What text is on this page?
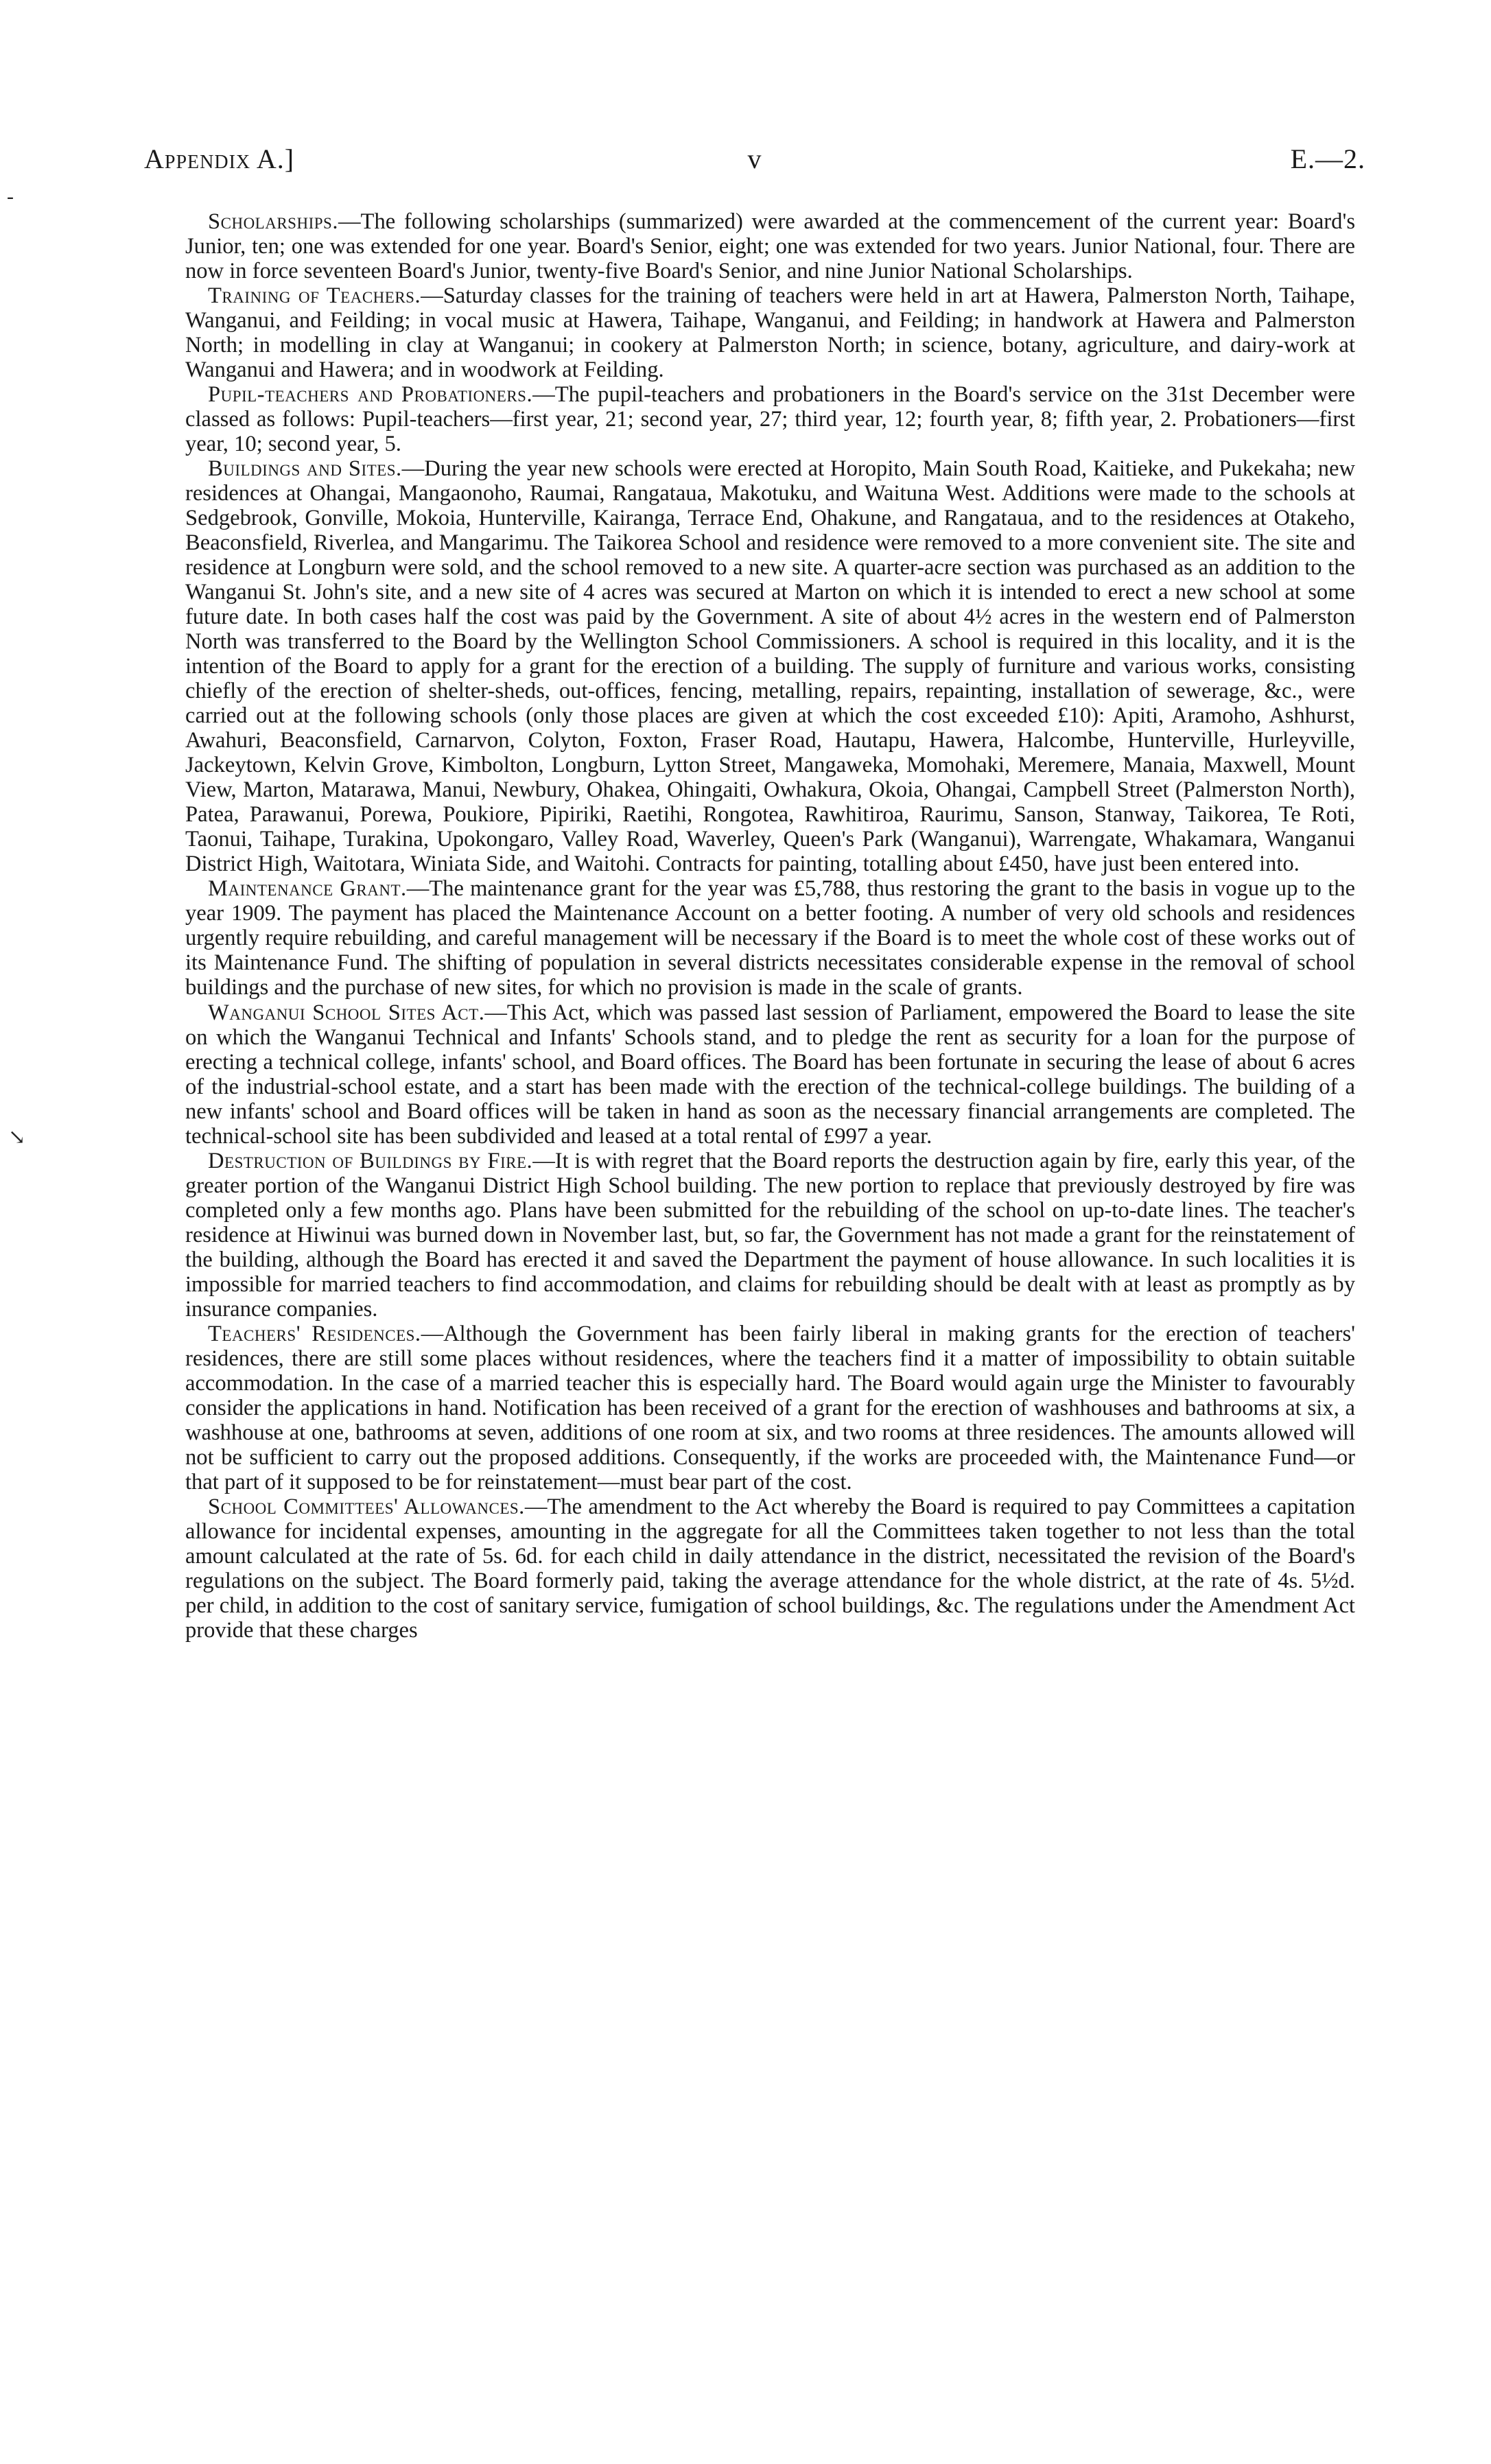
Appendix A.]	v	E.—2.

Scholarships.—The following scholarships (summarized) were awarded at the commencement of the current year: Board's Junior, ten; one was extended for one year. Board's Senior, eight; one was extended for two years. Junior National, four. There are now in force seventeen Board's Junior, twenty-five Board's Senior, and nine Junior National Scholarships.

Training of Teachers.—Saturday classes for the training of teachers were held in art at Hawera, Palmerston North, Taihape, Wanganui, and Feilding; in vocal music at Hawera, Taihape, Wanganui, and Feilding; in handwork at Hawera and Palmerston North; in modelling in clay at Wanganui; in cookery at Palmerston North; in science, botany, agriculture, and dairy-work at Wanganui and Hawera; and in woodwork at Feilding.

Pupil-teachers and Probationers.—The pupil-teachers and probationers in the Board's service on the 31st December were classed as follows: Pupil-teachers—first year, 21; second year, 27; third year, 12; fourth year, 8; fifth year, 2. Probationers—first year, 10; second year, 5.

Buildings and Sites.—During the year new schools were erected at Horopito, Main South Road, Kaitieke, and Pukekaha; new residences at Ohangai, Mangaonoho, Raumai, Rangataua, Makotuku, and Waituna West. Additions were made to the schools at Sedgebrook, Gonville, Mokoia, Hunterville, Kairanga, Terrace End, Ohakune, and Rangataua, and to the residences at Otakeho, Beaconsfield, Riverlea, and Mangarimu. The Taikorea School and residence were removed to a more convenient site. The site and residence at Longburn were sold, and the school removed to a new site. A quarter-acre section was purchased as an addition to the Wanganui St. John's site, and a new site of 4 acres was secured at Marton on which it is intended to erect a new school at some future date. In both cases half the cost was paid by the Government. A site of about 4½ acres in the western end of Palmerston North was transferred to the Board by the Wellington School Commissioners. A school is required in this locality, and it is the intention of the Board to apply for a grant for the erection of a building. The supply of furniture and various works, consisting chiefly of the erection of shelter-sheds, out-offices, fencing, metalling, repairs, repainting, installation of sewerage, &c., were carried out at the following schools (only those places are given at which the cost exceeded £10): Apiti, Aramoho, Ashhurst, Awahuri, Beaconsfield, Carnarvon, Colyton, Foxton, Fraser Road, Hautapu, Hawera, Halcombe, Hunterville, Hurleyville, Jackeytown, Kelvin Grove, Kimbolton, Longburn, Lytton Street, Mangaweka, Momohaki, Meremere, Manaia, Maxwell, Mount View, Marton, Matarawa, Manui, Newbury, Ohakea, Ohingaiti, Owhakura, Okoia, Ohangai, Campbell Street (Palmerston North), Patea, Parawanui, Porewa, Poukiore, Pipiriki, Raetihi, Rongotea, Rawhitiroa, Raurimu, Sanson, Stanway, Taikorea, Te Roti, Taonui, Taihape, Turakina, Upokongaro, Valley Road, Waverley, Queen's Park (Wanganui), Warrengate, Whakamara, Wanganui District High, Waitotara, Winiata Side, and Waitohi. Contracts for painting, totalling about £450, have just been entered into.

Maintenance Grant.—The maintenance grant for the year was £5,788, thus restoring the grant to the basis in vogue up to the year 1909. The payment has placed the Maintenance Account on a better footing. A number of very old schools and residences urgently require rebuilding, and careful management will be necessary if the Board is to meet the whole cost of these works out of its Maintenance Fund. The shifting of population in several districts necessitates considerable expense in the removal of school buildings and the purchase of new sites, for which no provision is made in the scale of grants.

Wanganui School Sites Act.—This Act, which was passed last session of Parliament, empowered the Board to lease the site on which the Wanganui Technical and Infants' Schools stand, and to pledge the rent as security for a loan for the purpose of erecting a technical college, infants' school, and Board offices. The Board has been fortunate in securing the lease of about 6 acres of the industrial-school estate, and a start has been made with the erection of the technical-college buildings. The building of a new infants' school and Board offices will be taken in hand as soon as the necessary financial arrangements are completed. The technical-school site has been subdivided and leased at a total rental of £997 a year.

Destruction of Buildings by Fire.—It is with regret that the Board reports the destruction again by fire, early this year, of the greater portion of the Wanganui District High School building. The new portion to replace that previously destroyed by fire was completed only a few months ago. Plans have been submitted for the rebuilding of the school on up-to-date lines. The teacher's residence at Hiwinui was burned down in November last, but, so far, the Government has not made a grant for the reinstatement of the building, although the Board has erected it and saved the Department the payment of house allowance. In such localities it is impossible for married teachers to find accommodation, and claims for rebuilding should be dealt with at least as promptly as by insurance companies.

Teachers' Residences.—Although the Government has been fairly liberal in making grants for the erection of teachers' residences, there are still some places without residences, where the teachers find it a matter of impossibility to obtain suitable accommodation. In the case of a married teacher this is especially hard. The Board would again urge the Minister to favourably consider the applications in hand. Notification has been received of a grant for the erection of washhouses and bathrooms at six, a washhouse at one, bathrooms at seven, additions of one room at six, and two rooms at three residences. The amounts allowed will not be sufficient to carry out the proposed additions. Consequently, if the works are proceeded with, the Maintenance Fund—or that part of it supposed to be for reinstatement—must bear part of the cost.

School Committees' Allowances.—The amendment to the Act whereby the Board is required to pay Committees a capitation allowance for incidental expenses, amounting in the aggregate for all the Committees taken together to not less than the total amount calculated at the rate of 5s. 6d. for each child in daily attendance in the district, necessitated the revision of the Board's regulations on the subject. The Board formerly paid, taking the average attendance for the whole district, at the rate of 4s. 5½d. per child, in addition to the cost of sanitary service, fumigation of school buildings, &c. The regulations under the Amendment Act provide that these charges

-
↘
